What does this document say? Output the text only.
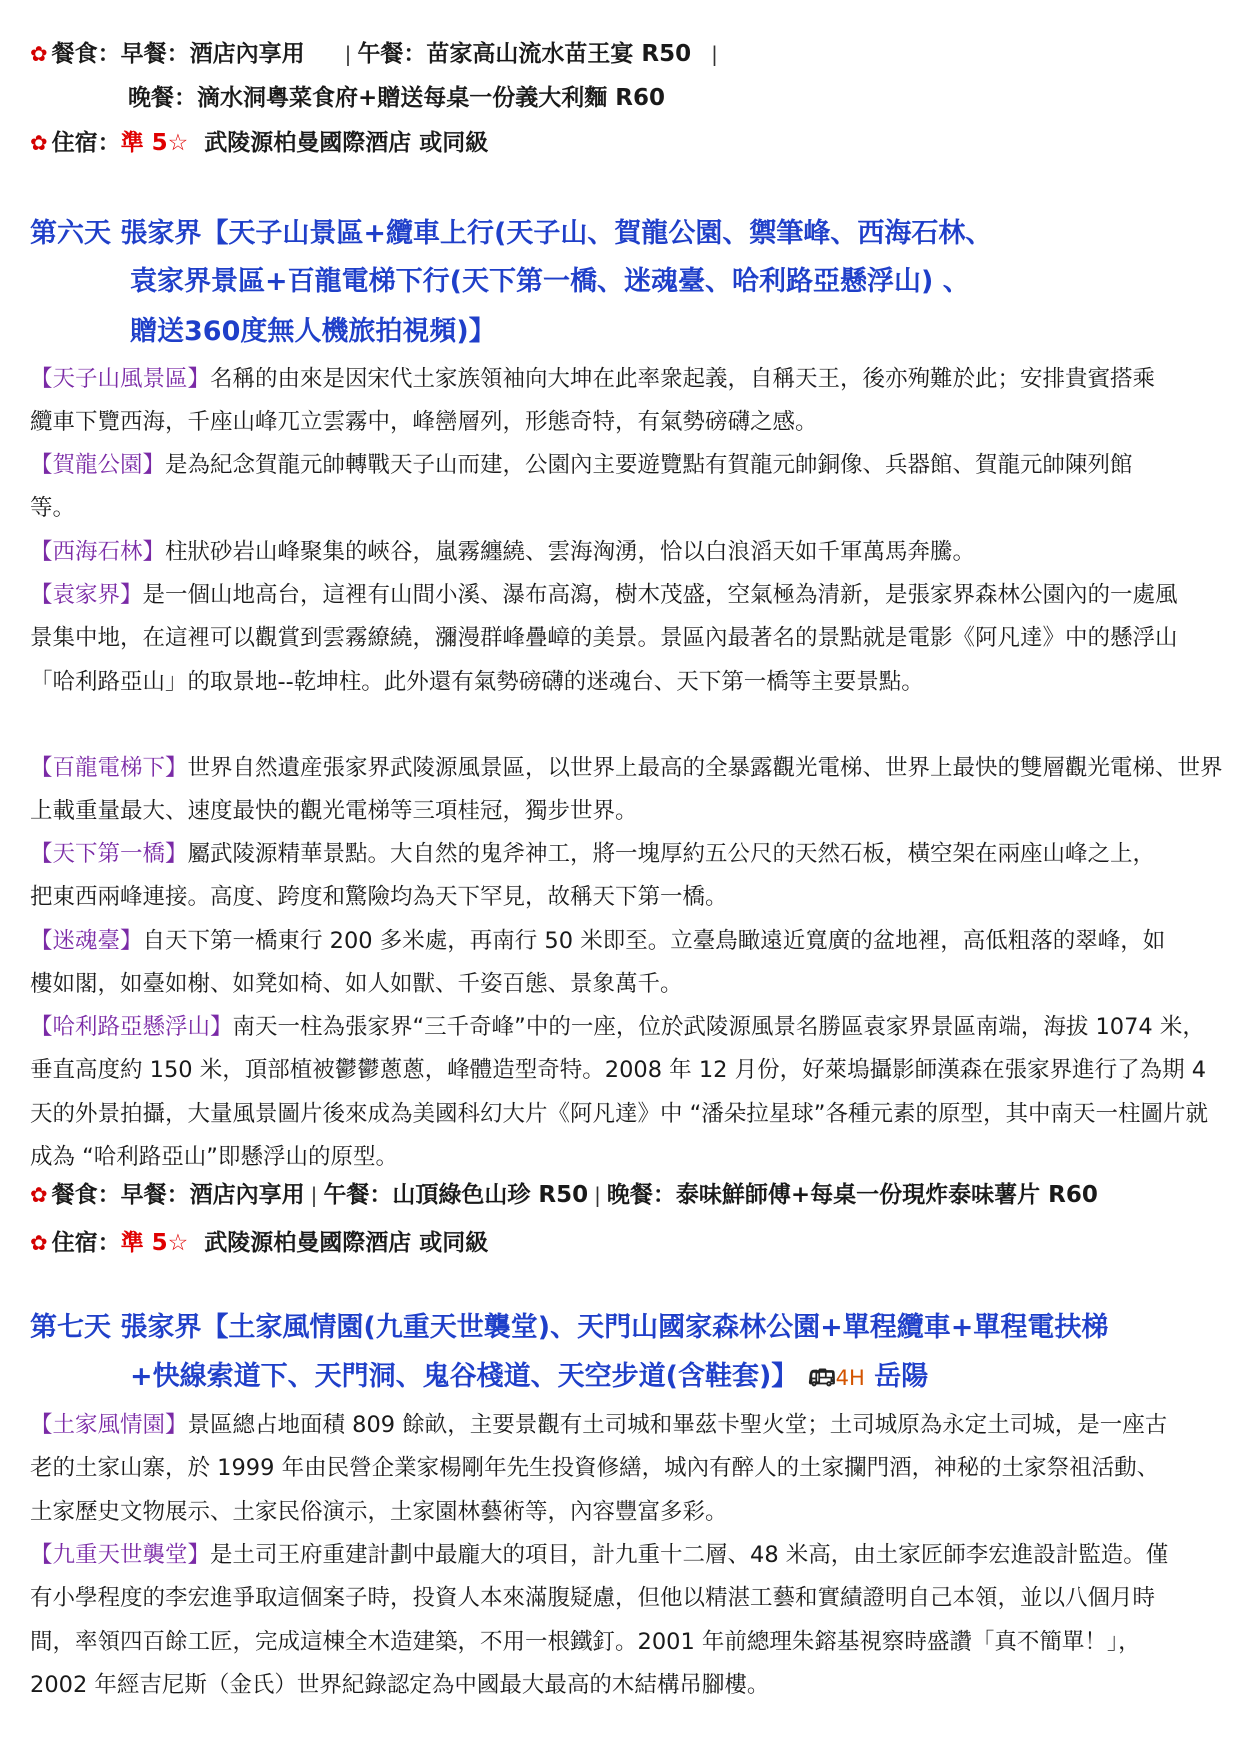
✿ 餐食：早餐：酒店內享用 | 午餐：苗家高山流水苗王宴 R50 |
晚餐：滴水洞粵菜食府+贈送每桌一份義大利麵 R60
✿ 住宿：準 5☆ 武陵源柏曼國際酒店 或同級
第六天 張家界【天子山景區+纜車上行(天子山、賀龍公園、禦筆峰、西海石林、
袁家界景區+百龍電梯下行(天下第一橋、迷魂臺、哈利路亞懸浮山) 、
贈送360度無人機旅拍視頻)】
【天子山風景區】名稱的由來是因宋代土家族領袖向大坤在此率衆起義，自稱天王，後亦殉難於此；安排貴賓搭乘纜車下覽西海，千座山峰兀立雲霧中，峰巒層列，形態奇特，有氣勢磅礴之感。
【賀龍公園】是為紀念賀龍元帥轉戰天子山而建，公園內主要遊覽點有賀龍元帥銅像、兵器館、賀龍元帥陳列館等。
【西海石林】柱狀砂岩山峰聚集的峽谷，嵐霧纏繞、雲海洶湧，恰以白浪滔天如千軍萬馬奔騰。
【袁家界】是一個山地高台，這裡有山間小溪、瀑布高瀉，樹木茂盛，空氣極為清新，是張家界森林公園內的一處風景集中地，在這裡可以觀賞到雲霧繚繞，瀰漫群峰疊嶂的美景。景區內最著名的景點就是電影《阿凡達》中的懸浮山「哈利路亞山」的取景地--乾坤柱。此外還有氣勢磅礴的迷魂台、天下第一橋等主要景點。
【百龍電梯下】世界自然遺産張家界武陵源風景區，以世界上最高的全暴露觀光電梯、世界上最快的雙層觀光電梯、世界上載重量最大、速度最快的觀光電梯等三項桂冠，獨步世界。
【天下第一橋】屬武陵源精華景點。大自然的鬼斧神工，將一塊厚約五公尺的天然石板，橫空架在兩座山峰之上，把東西兩峰連接。高度、跨度和驚險均為天下罕見，故稱天下第一橋。
【迷魂臺】自天下第一橋東行 200 多米處，再南行 50 米即至。立臺鳥瞰遠近寬廣的盆地裡，高低粗落的翠峰，如樓如閣，如臺如榭、如凳如椅、如人如獸、千姿百態、景象萬千。
【哈利路亞懸浮山】南天一柱為張家界“三千奇峰”中的一座，位於武陵源風景名勝區袁家界景區南端，海拔 1074 米，垂直高度約 150 米，頂部植被鬱鬱蔥蔥，峰體造型奇特。2008 年 12 月份，好萊塢攝影師漢森在張家界進行了為期 4 天的外景拍攝，大量風景圖片後來成為美國科幻大片《阿凡達》中 “潘朵拉星球”各種元素的原型，其中南天一柱圖片就成為 “哈利路亞山”即懸浮山的原型。
✿ 餐食：早餐：酒店內享用 | 午餐：山頂綠色山珍 R50 | 晚餐：泰味鮮師傅+每桌一份現炸泰味薯片 R60
✿ 住宿：準 5☆ 武陵源柏曼國際酒店 或同級
第七天 張家界【土家風情園(九重天世襲堂)、天門山國家森林公園+單程纜車+單程電扶梯
+快線索道下、天門洞、鬼谷棧道、天空步道(含鞋套)】 🚌︎4H 岳陽
【土家風情園】景區總占地面積 809 餘畝，主要景觀有土司城和畢茲卡聖火堂；土司城原為永定土司城，是一座古老的土家山寨，於 1999 年由民營企業家楊剛年先生投資修繕，城內有醉人的土家攔門酒，神秘的土家祭祖活動、土家歷史文物展示、土家民俗演示，土家園林藝術等，內容豐富多彩。
【九重天世襲堂】是土司王府重建計劃中最龐大的項目，計九重十二層、48 米高，由土家匠師李宏進設計監造。僅有小學程度的李宏進爭取這個案子時，投資人本來滿腹疑慮，但他以精湛工藝和實績證明自己本領，並以八個月時間，率領四百餘工匠，完成這棟全木造建築，不用一根鐵釘。2001 年前總理朱鎔基視察時盛讚「真不簡單！」，2002 年經吉尼斯（金氏）世界紀錄認定為中國最大最高的木結構吊腳樓。
